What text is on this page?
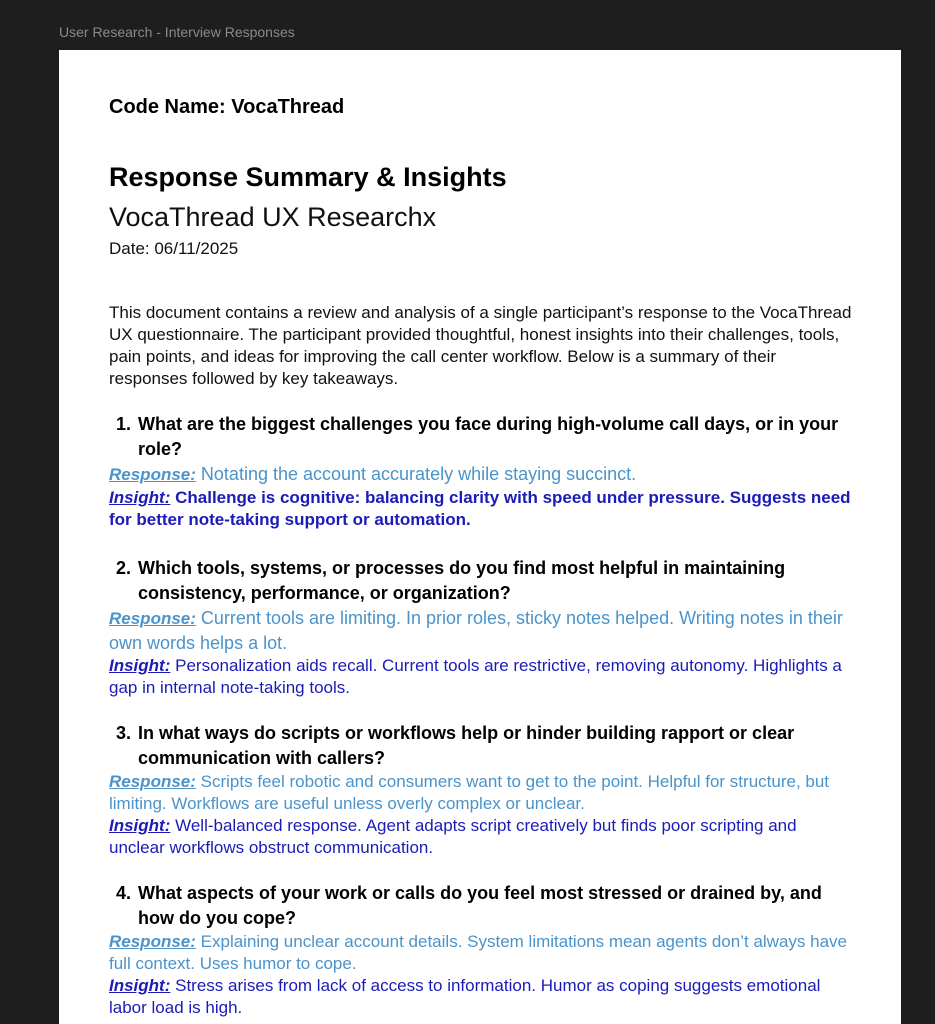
User Research - Interview Responses
Code Name: VocaThread
Response Summary & Insights
VocaThread UX Researchx
Date: 06/11/2025
This document contains a review and analysis of a single participant’s response to the VocaThread UX questionnaire. The participant provided thoughtful, honest insights into their challenges, tools, pain points, and ideas for improving the call center workflow. Below is a summary of their responses followed by key takeaways.
1. What are the biggest challenges you face during high-volume call days, or in your role?
Response: Notating the account accurately while staying succinct.
Insight: Challenge is cognitive: balancing clarity with speed under pressure. Suggests need for better note-taking support or automation.
2. Which tools, systems, or processes do you find most helpful in maintaining consistency, performance, or organization?
Response: Current tools are limiting. In prior roles, sticky notes helped. Writing notes in their own words helps a lot.
Insight: Personalization aids recall. Current tools are restrictive, removing autonomy. Highlights a gap in internal note-taking tools.
3. In what ways do scripts or workflows help or hinder building rapport or clear communication with callers?
Response: Scripts feel robotic and consumers want to get to the point. Helpful for structure, but limiting. Workflows are useful unless overly complex or unclear.
Insight: Well-balanced response. Agent adapts script creatively but finds poor scripting and unclear workflows obstruct communication.
4. What aspects of your work or calls do you feel most stressed or drained by, and how do you cope?
Response: Explaining unclear account details. System limitations mean agents don’t always have full context. Uses humor to cope.
Insight: Stress arises from lack of access to information. Humor as coping suggests emotional labor load is high.
